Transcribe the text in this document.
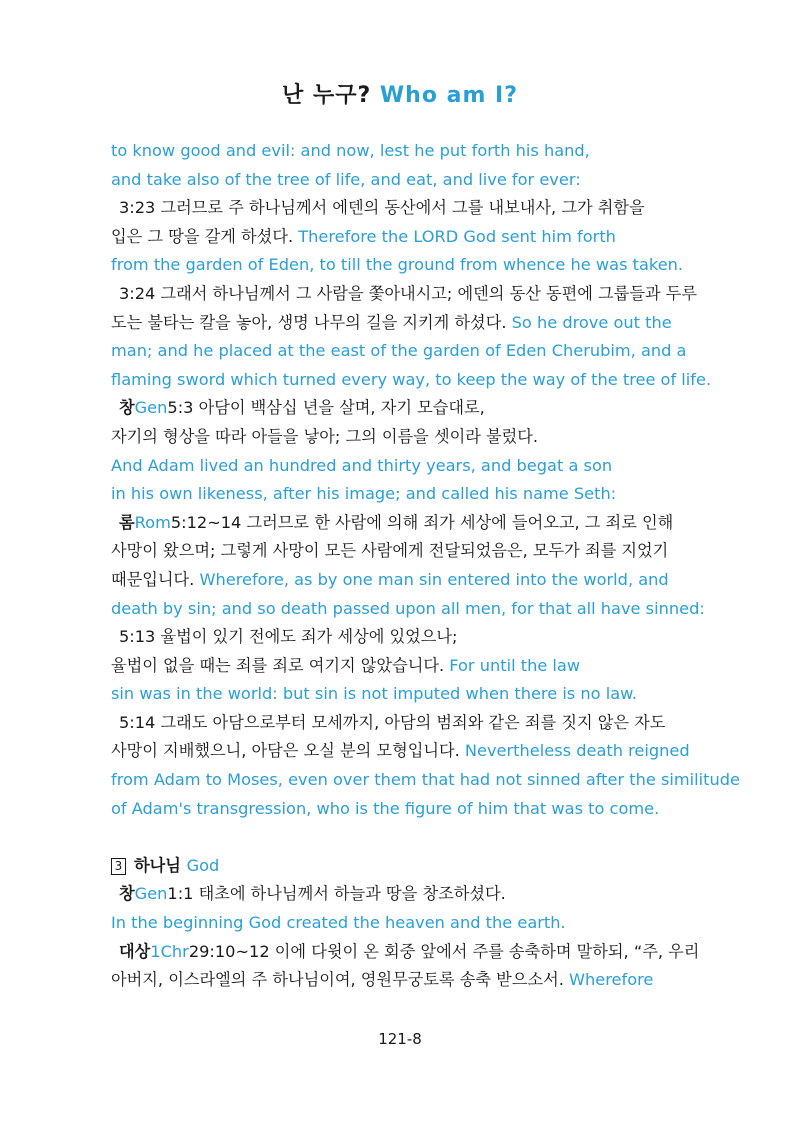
난 누구? Who am I?
to know good and evil: and now, lest he put forth his hand,
and take also of the tree of life, and eat, and live for ever:
3:23 그러므로 주 하나님께서 에덴의 동산에서 그를 내보내사, 그가 취함을
입은 그 땅을 갈게 하셨다. Therefore the LORD God sent him forth
from the garden of Eden, to till the ground from whence he was taken.
3:24 그래서 하나님께서 그 사람을 쫓아내시고; 에덴의 동산 동편에 그룹들과 두루
도는 불타는 칼을 놓아, 생명 나무의 길을 지키게 하셨다. So he drove out the
man; and he placed at the east of the garden of Eden Cherubim, and a
flaming sword which turned every way, to keep the way of the tree of life.
창Gen5:3 아담이 백삼십 년을 살며, 자기 모습대로,
자기의 형상을 따라 아들을 낳아; 그의 이름을 셋이라 불렀다.
And Adam lived an hundred and thirty years, and begat a son
in his own likeness, after his image; and called his name Seth:
롬Rom5:12~14 그러므로 한 사람에 의해 죄가 세상에 들어오고, 그 죄로 인해
사망이 왔으며; 그렇게 사망이 모든 사람에게 전달되었음은, 모두가 죄를 지었기
때문입니다. Wherefore, as by one man sin entered into the world, and
death by sin; and so death passed upon all men, for that all have sinned:
5:13 율법이 있기 전에도 죄가 세상에 있었으나;
율법이 없을 때는 죄를 죄로 여기지 않았습니다. For until the law
sin was in the world: but sin is not imputed when there is no law.
5:14 그래도 아담으로부터 모세까지, 아담의 범죄와 같은 죄를 짓지 않은 자도
사망이 지배했으니, 아담은 오실 분의 모형입니다. Nevertheless death reigned
from Adam to Moses, even over them that had not sinned after the similitude
of Adam's transgression, who is the figure of him that was to come.
3 하나님 God
창Gen1:1 태초에 하나님께서 하늘과 땅을 창조하셨다.
In the beginning God created the heaven and the earth.
대상1Chr29:10~12 이에 다윗이 온 회중 앞에서 주를 송축하며 말하되, “주, 우리
아버지, 이스라엘의 주 하나님이여, 영원무궁토록 송축 받으소서. Wherefore
121-8
